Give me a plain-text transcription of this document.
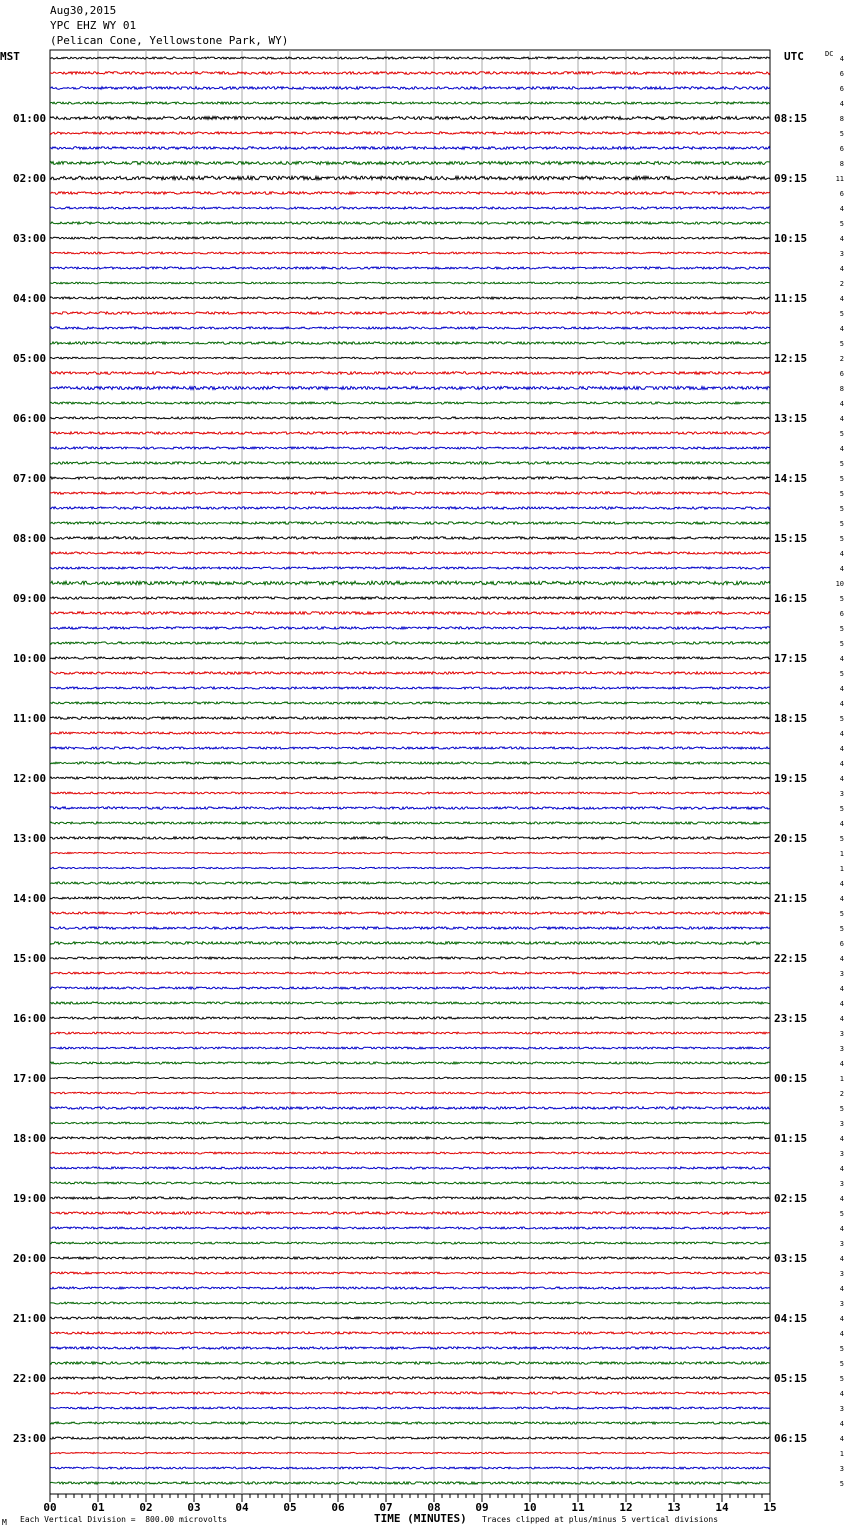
Aug30,2015
YPC EHZ WY 01
(Pelican Cone, Yellowstone Park, WY)
MST	UTC
01:00
02:00
03:00
04:00
05:00
06:00
07:00
08:00
09:00
10:00
11:00
12:00
13:00
14:00
15:00
16:00
17:00
18:00
19:00
20:00
21:00
22:00
23:00
08:15
09:15
10:15
11:15
12:15
13:15
14:15
15:15
16:15
17:15
18:15
19:15
20:15
21:15
22:15
23:15
00:15
01:15
02:15
03:15
04:15
05:15
06:15
DC
4
6
6
4
8
5
6
8
11
6
4
5
4
3
4
2
4
5
4
5
2
6
8
4
4
5
4
5
5
5
5
5
5
4
4
10
5
6
5
5
4
5
4
4
5
4
4
4
4
3
5
4
5
1
1
4
4
5
5
6
4
3
4
4
4
3
3
4
1
2
5
3
4
3
4
3
4
5
4
3
4
3
4
3
4
4
5
5
5
4
3
4
4
1
3
5
00	01	02	03	04	05	06	07	08	09	10	11	12	13	14	15
M Each Vertical Division =  800.00 microvolts	TIME (MINUTES) Traces clipped at plus/minus 5 vertical divisions
